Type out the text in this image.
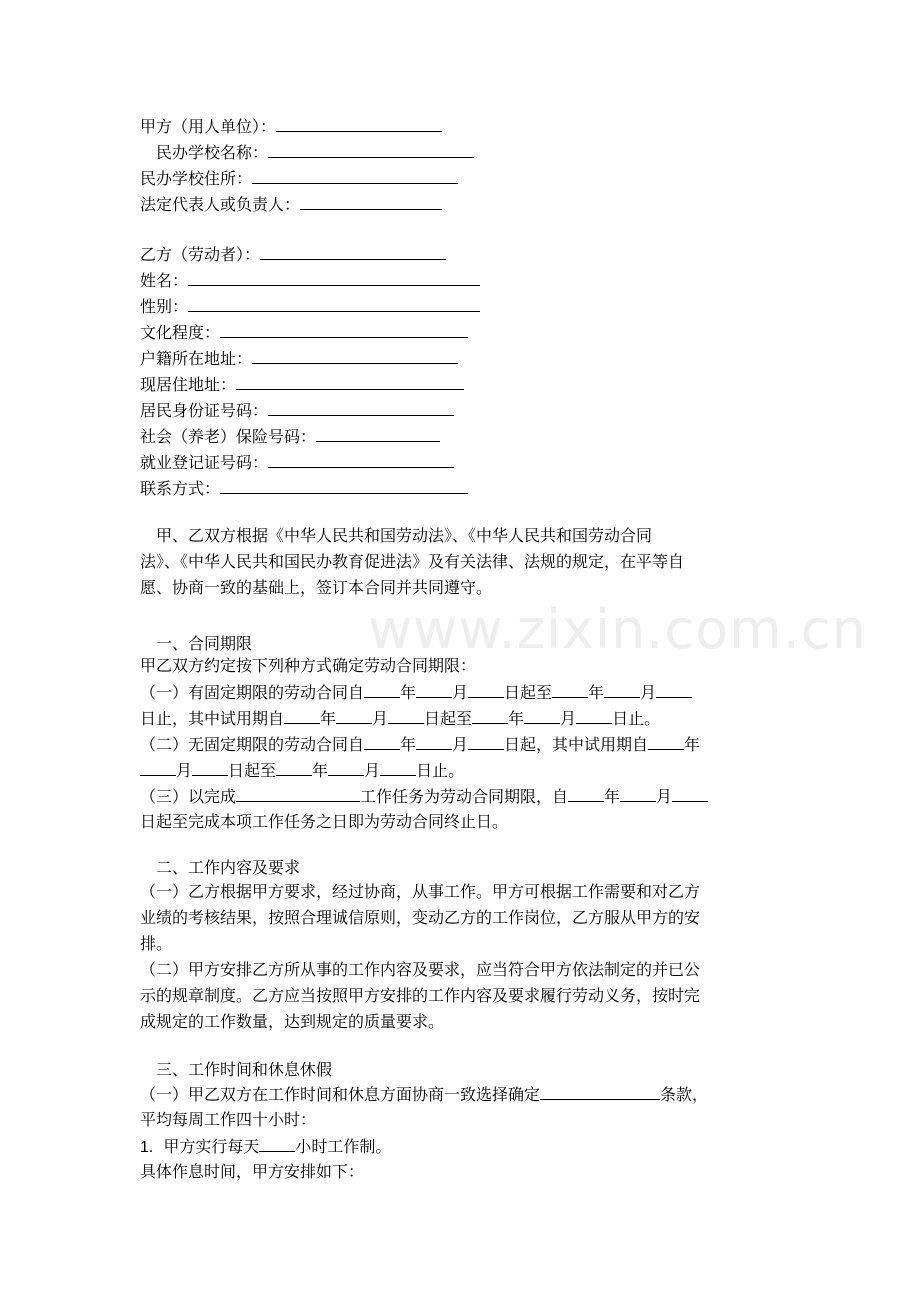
www.zixin.com.cn
甲方（用人单位）：
民办学校名称：
民办学校住所：
法定代表人或负责人：
乙方（劳动者）：
姓名：
性别：
文化程度：
户籍所在地址：
现居住地址：
居民身份证号码：
社会（养老）保险号码：
就业登记证号码：
联系方式：
甲、乙双方根据《中华人民共和国劳动法》、《中华人民共和国劳动合同
法》、《中华人民共和国民办教育促进法》及有关法律、法规的规定，在平等自
愿、协商一致的基础上，签订本合同并共同遵守。
一、合同期限
甲乙双方约定按下列种方式确定劳动合同期限：
（一）有固定期限的劳动合同自 年 月 日起至 年 月
日止，其中试用期自 年 月 日起至 年 月 日止。
（二）无固定期限的劳动合同自 年 月 日起，其中试用期自 年
月 日起至 年 月 日止。
（三）以完成	工作任务为劳动合同期限，自 年 月
日起至完成本项工作任务之日即为劳动合同终止日。
二、工作内容及要求
（一）乙方根据甲方要求，经过协商，从事工作。甲方可根据工作需要和对乙方
业绩的考核结果，按照合理诚信原则，变动乙方的工作岗位，乙方服从甲方的安
排。
（二）甲方安排乙方所从事的工作内容及要求，应当符合甲方依法制定的并已公
示的规章制度。乙方应当按照甲方安排的工作内容及要求履行劳动义务，按时完
成规定的工作数量，达到规定的质量要求。
三、工作时间和休息休假
（一）甲乙双方在工作时间和休息方面协商一致选择确定	条款，
平均每周工作四十小时：
1. 甲方实行每天 小时工作制。
具体作息时间，甲方安排如下：
